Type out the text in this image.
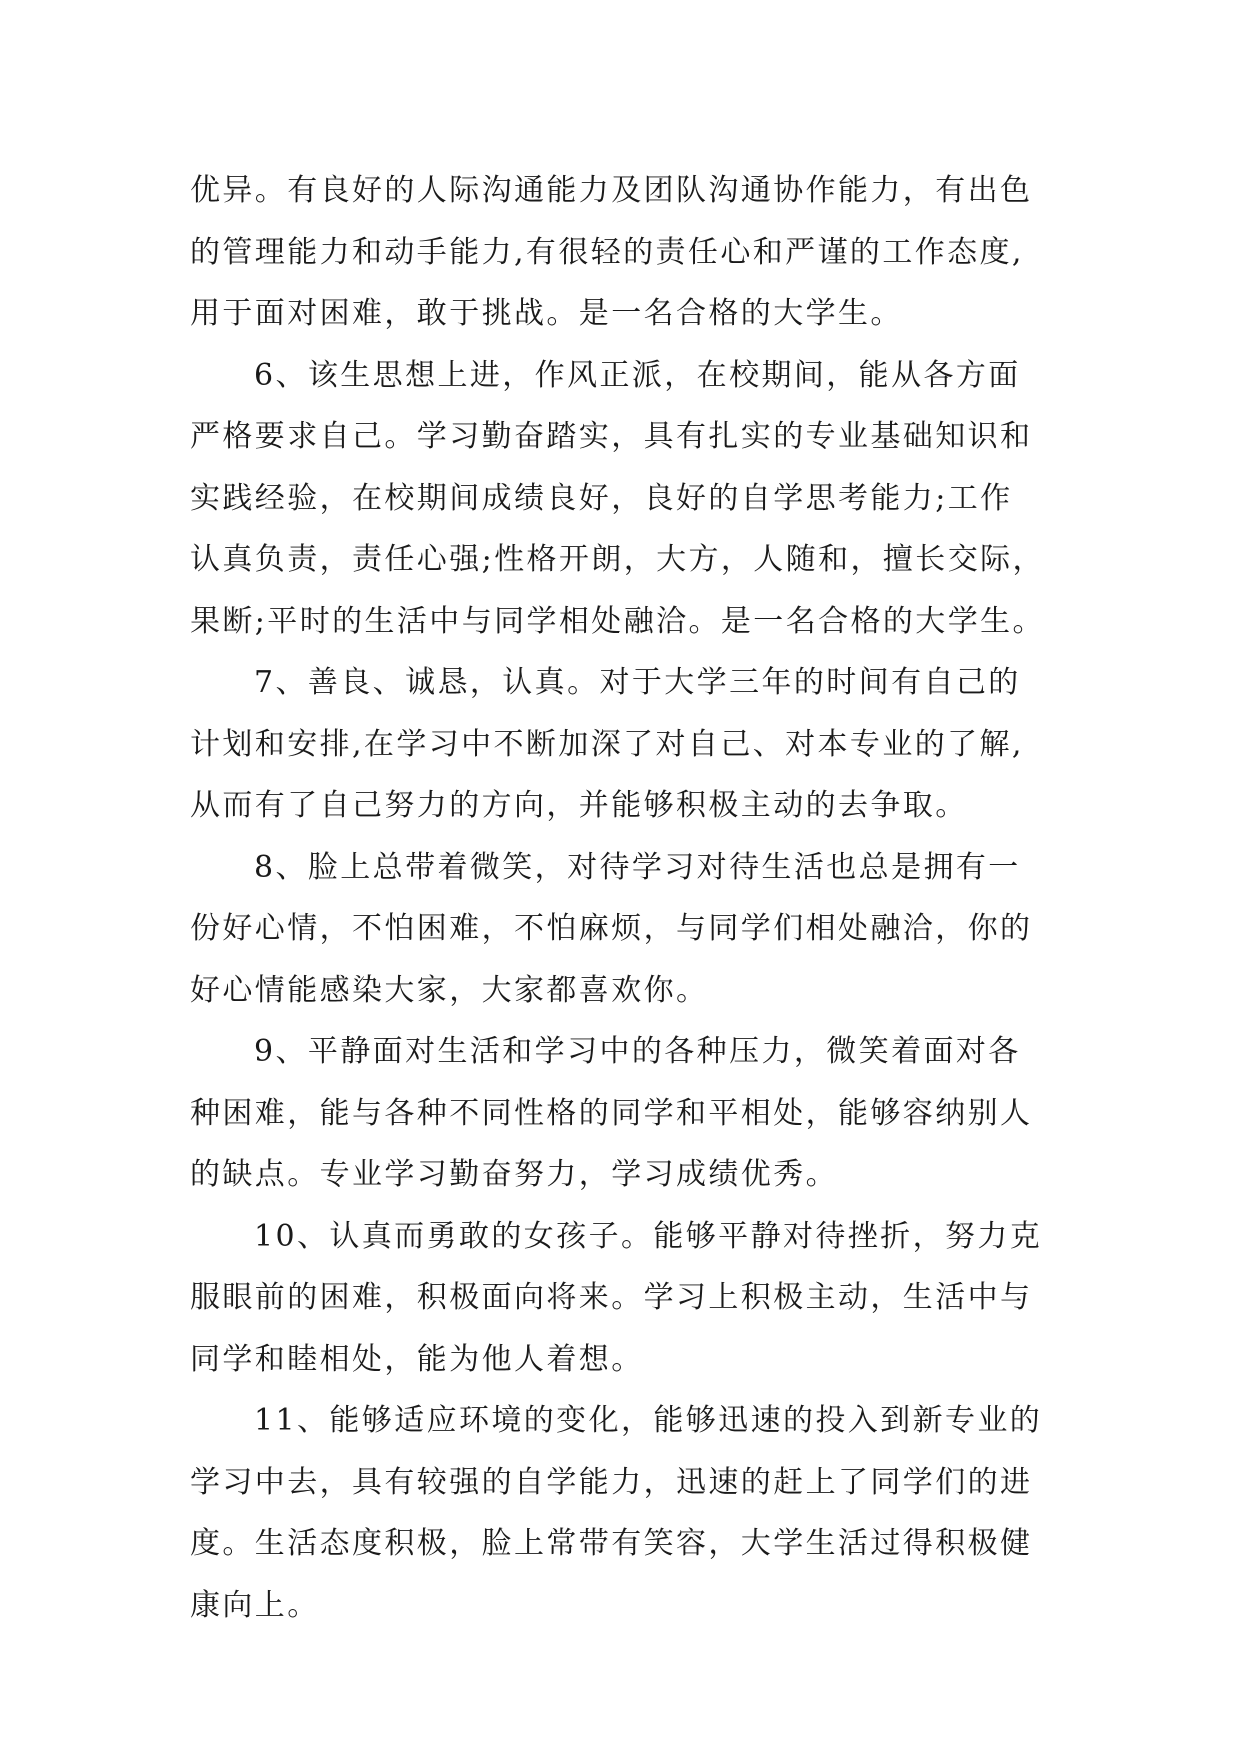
优异。有良好的人际沟通能力及团队沟通协作能力，有出色
的管理能力和动手能力,有很轻的责任心和严谨的工作态度,
用于面对困难，敢于挑战。是一名合格的大学生。
6、该生思想上进，作风正派，在校期间，能从各方面
严格要求自己。学习勤奋踏实，具有扎实的专业基础知识和
实践经验，在校期间成绩良好，良好的自学思考能力;工作
认真负责，责任心强;性格开朗，大方，人随和，擅长交际，
果断;平时的生活中与同学相处融洽。是一名合格的大学生。
7、善良、诚恳，认真。对于大学三年的时间有自己的
计划和安排,在学习中不断加深了对自己、对本专业的了解,
从而有了自己努力的方向，并能够积极主动的去争取。
8、脸上总带着微笑，对待学习对待生活也总是拥有一
份好心情，不怕困难，不怕麻烦，与同学们相处融洽，你的
好心情能感染大家，大家都喜欢你。
9、平静面对生活和学习中的各种压力，微笑着面对各
种困难，能与各种不同性格的同学和平相处，能够容纳别人
的缺点。专业学习勤奋努力，学习成绩优秀。
10、认真而勇敢的女孩子。能够平静对待挫折，努力克
服眼前的困难，积极面向将来。学习上积极主动，生活中与
同学和睦相处，能为他人着想。
11、能够适应环境的变化，能够迅速的投入到新专业的
学习中去，具有较强的自学能力，迅速的赶上了同学们的进
度。生活态度积极，脸上常带有笑容，大学生活过得积极健
康向上。
